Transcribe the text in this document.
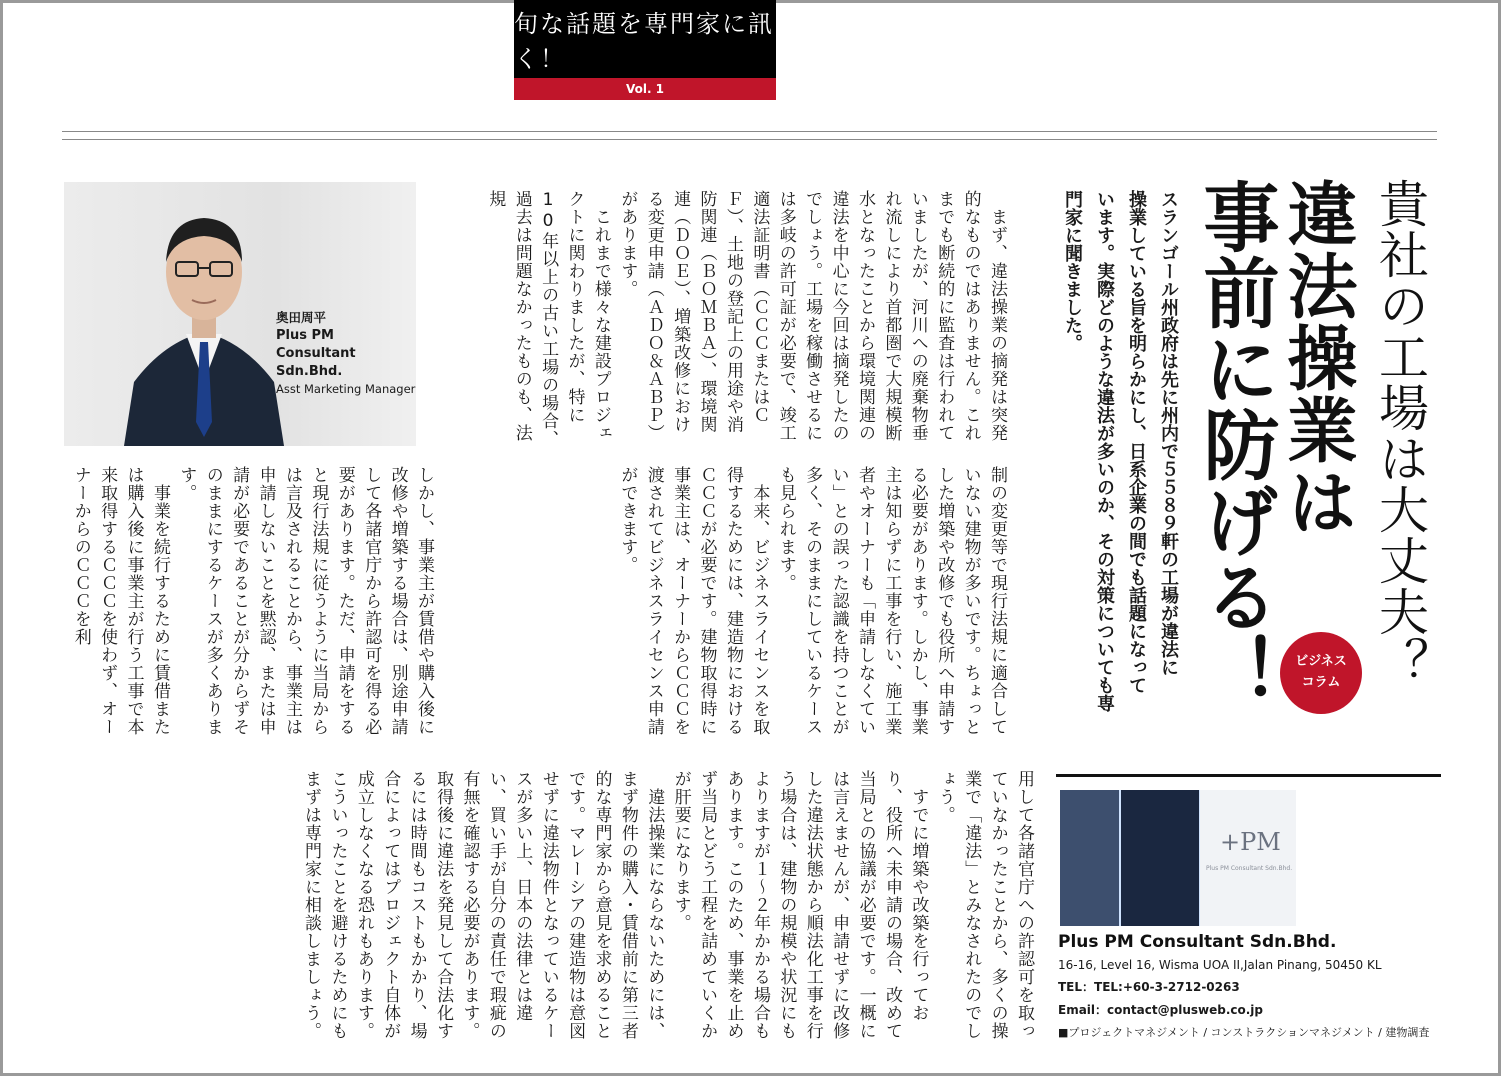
旬な話題を専門家に訊く！
Vol. 1
貴社の工場は大丈夫？
違法操業は
事前に防げる！	ビジネス
コラム
スランゴール州政府は先に州内で５５８９軒の工場が違法に
操業している旨を明らかにし、日系企業の間でも話題になって
います。実際どのような違法が多いのか、その対策についても専
門家に聞きました。
　まず、違法操業の摘発は突発的なものではありません。これまでも断続的に監査は行われていましたが、河川への廃棄物垂れ流しにより首都圏で大規模断水となったことから環境関連の違法を中心に今回は摘発したのでしょう。工場を稼働させるには多岐の許可証が必要で、竣工適法証明書（ＣＣＣまたはＣＦ）、土地の登記上の用途や消防関連（ＢＯＭＢＡ）、環境関連（ＤＯＥ）、増築改修における変更申請（ＡＤＯ＆ＡＢＰ）があります。
　これまで様々な建設プロジェクトに関わりましたが、特に10年以上の古い工場の場合、過去は問題なかったものも、法規
制の変更等で現行法規に適合していない建物が多いです。ちょっとした増築や改修でも役所へ申請する必要があります。しかし、事業主は知らずに工事を行い、施工業者やオーナーも「申請しなくていい」との誤った認識を持つことが多く、そのままにしているケースも見られます。
　本来、ビジネスライセンスを取得するためには、建造物におけるＣＣＣが必要です。建物取得時に事業主は、オーナーからＣＣＣを渡されてビジネスライセンス申請ができます。
しかし、事業主が賃借や購入後に改修や増築する場合は、別途申請して各諸官庁から許認可を得る必要があります。ただ、申請をすると現行法規に従うように当局からは言及されることから、事業主は申請しないことを黙認、または申請が必要であることが分からずそのままにするケースが多くあります。
　事業を続行するために賃借または購入後に事業主が行う工事で本来取得するＣＣＣを使わず、オーナーからのＣＣＣを利
用して各諸官庁への許認可を取っていなかったことから、多くの操業で「違法」とみなされたのでしょう。
　すでに増築や改築を行っており、役所へ未申請の場合、改めて当局との協議が必要です。一概には言えませんが、申請せずに改修した違法状態から順法化工事を行う場合は、建物の規模や状況にもよりますが１～２年かかる場合もあります。このため、事業を止めず当局とどう工程を詰めていくかが肝要になります。
　違法操業にならないためには、まず物件の購入・賃借前に第三者的な専門家から意見を求めることです。マレーシアの建造物は意図せずに違法物件となっているケースが多い上、日本の法律とは違い、買い手が自分の責任で瑕疵の有無を確認する必要があります。取得後に違法を発見して合法化するには時間もコストもかかり、場合によってはプロジェクト自体が成立しなくなる恐れもあります。こういったことを避けるためにもまずは専門家に相談しましょう。
奥田周平
Plus PM Consultant
Sdn.Bhd.
Asst Marketing Manager
+PM
Plus PM Consultant Sdn.Bhd.
Plus PM Consultant Sdn.Bhd.
16-16, Level 16, Wisma UOA II,Jalan Pinang, 50450 KL
TEL：TEL:+60-3-2712-0263
Email：contact@plusweb.co.jp
■プロジェクトマネジメント / コンストラクションマネジメント / 建物調査
